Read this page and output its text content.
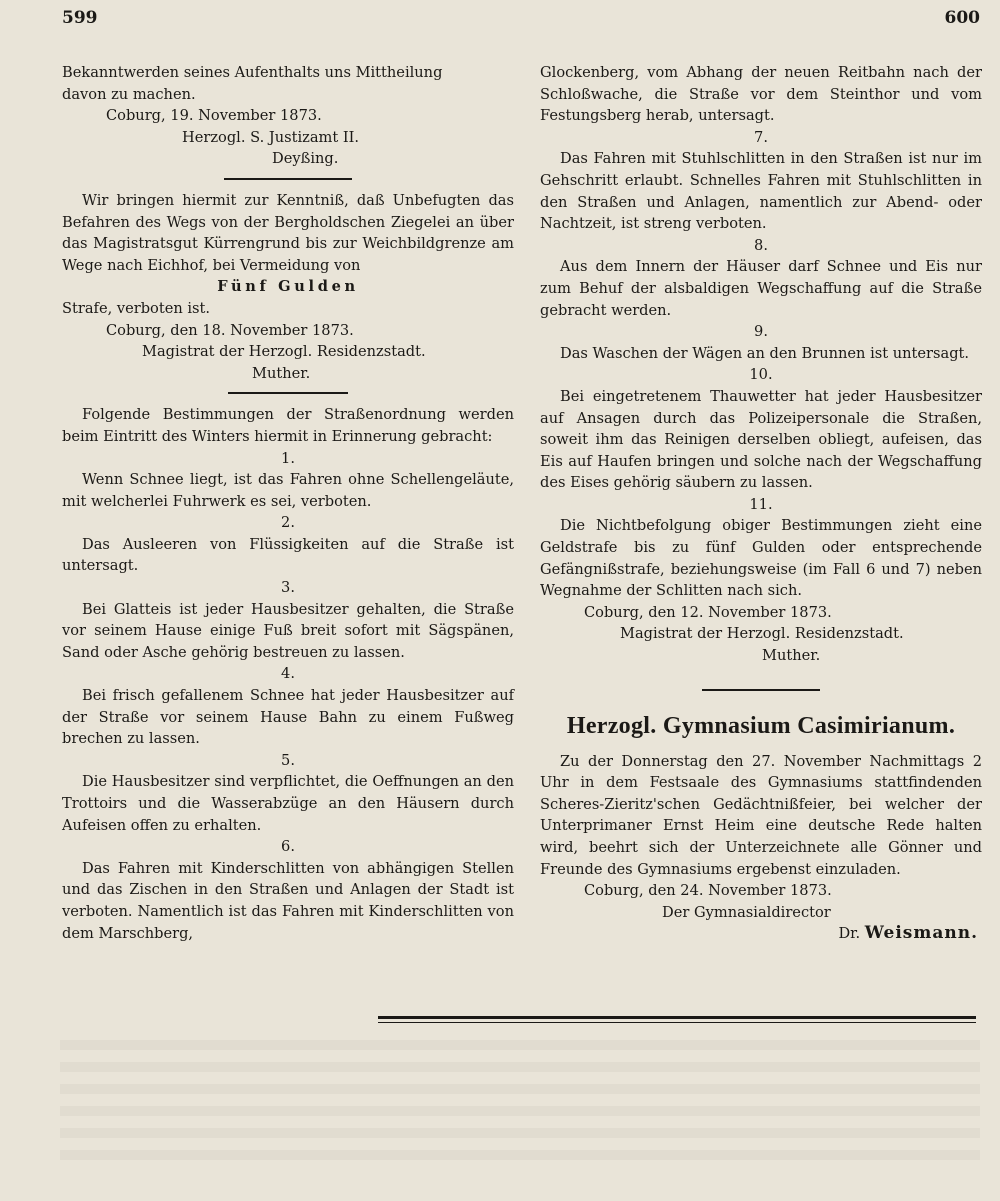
599	600

Bekanntwerden seines Aufenthalts uns Mittheilung

davon zu machen.

Coburg, 19. November 1873.

Herzogl. S. Justizamt II.

Deyßing.

Wir bringen hiermit zur Kenntniß, daß Unbefugten das Befahren des Wegs von der Bergholdschen Ziegelei an über das Magistratsgut Kürrengrund bis zur Weichbildgrenze am Wege nach Eichhof, bei Vermeidung von

Fünf Gulden

Strafe, verboten ist.

Coburg, den 18. November 1873.

Magistrat der Herzogl. Residenzstadt.

Muther.

Folgende Bestimmungen der Straßenordnung werden beim Eintritt des Winters hiermit in Erinnerung gebracht:

1.

Wenn Schnee liegt, ist das Fahren ohne Schellengeläute, mit welcherlei Fuhrwerk es sei, verboten.

2.

Das Ausleeren von Flüssigkeiten auf die Straße ist untersagt.

3.

Bei Glatteis ist jeder Hausbesitzer gehalten, die Straße vor seinem Hause einige Fuß breit sofort mit Sägspänen, Sand oder Asche gehörig bestreuen zu lassen.

4.

Bei frisch gefallenem Schnee hat jeder Hausbesitzer auf der Straße vor seinem Hause Bahn zu einem Fußweg brechen zu lassen.

5.

Die Hausbesitzer sind verpflichtet, die Oeffnungen an den Trottoirs und die Wasserabzüge an den Häusern durch Aufeisen offen zu erhalten.

6.

Das Fahren mit Kinderschlitten von abhängigen Stellen und das Zischen in den Straßen und Anlagen der Stadt ist verboten. Namentlich ist das Fahren mit Kinderschlitten von dem Marschberg,

Glockenberg, vom Abhang der neuen Reitbahn nach der Schloßwache, die Straße vor dem Steinthor und vom Festungsberg herab, untersagt.

7.

Das Fahren mit Stuhlschlitten in den Straßen ist nur im Gehschritt erlaubt. Schnelles Fahren mit Stuhlschlitten in den Straßen und Anlagen, namentlich zur Abend- oder Nachtzeit, ist streng verboten.

8.

Aus dem Innern der Häuser darf Schnee und Eis nur zum Behuf der alsbaldigen Wegschaffung auf die Straße gebracht werden.

9.

Das Waschen der Wägen an den Brunnen ist untersagt.

10.

Bei eingetretenem Thauwetter hat jeder Hausbesitzer auf Ansagen durch das Polizeipersonale die Straßen, soweit ihm das Reinigen derselben obliegt, aufeisen, das Eis auf Haufen bringen und solche nach der Wegschaffung des Eises gehörig säubern zu lassen.

11.

Die Nichtbefolgung obiger Bestimmungen zieht eine Geldstrafe bis zu fünf Gulden oder entsprechende Gefängnißstrafe, beziehungsweise (im Fall 6 und 7) neben Wegnahme der Schlitten nach sich.

Coburg, den 12. November 1873.

Magistrat der Herzogl. Residenzstadt.

Muther.

Herzogl. Gymnasium Casimirianum.

Zu der Donnerstag den 27. November Nachmittags 2 Uhr in dem Festsaale des Gymnasiums stattfindenden Scheres-Zieritz'schen Gedächtnißfeier, bei welcher der Unterprimaner Ernst Heim eine deutsche Rede halten wird, beehrt sich der Unterzeichnete alle Gönner und Freunde des Gymnasiums ergebenst einzuladen.

Coburg, den 24. November 1873.

Der Gymnasialdirector

Dr. Weismann.
